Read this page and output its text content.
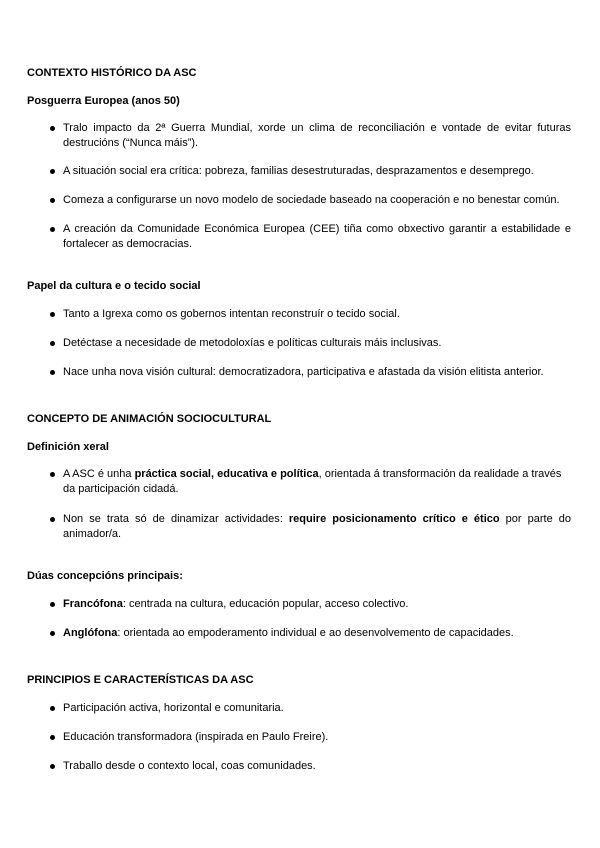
CONTEXTO HISTÓRICO DA ASC
Posguerra Europea (anos 50)
Tralo impacto da 2ª Guerra Mundial, xorde un clima de reconciliación e vontade de evitar futuras destrucións (“Nunca máis”).
A situación social era crítica: pobreza, familias desestruturadas, desprazamentos e desemprego.
Comeza a configurarse un novo modelo de sociedade baseado na cooperación e no benestar común.
A creación da Comunidade Económica Europea (CEE) tiña como obxectivo garantir a estabilidade e fortalecer as democracias.
Papel da cultura e o tecido social
Tanto a Igrexa como os gobernos intentan reconstruír o tecido social.
Detéctase a necesidade de metodoloxías e políticas culturais máis inclusivas.
Nace unha nova visión cultural: democratizadora, participativa e afastada da visión elitista anterior.
CONCEPTO DE ANIMACIÓN SOCIOCULTURAL
Definición xeral
A ASC é unha práctica social, educativa e política, orientada á transformación da realidade a través da participación cidadá.
Non se trata só de dinamizar actividades: require posicionamento crítico e ético por parte do animador/a.
Dúas concepcións principais:
Francófona: centrada na cultura, educación popular, acceso colectivo.
Anglófona: orientada ao empoderamento individual e ao desenvolvemento de capacidades.
PRINCIPIOS E CARACTERÍSTICAS DA ASC
Participación activa, horizontal e comunitaria.
Educación transformadora (inspirada en Paulo Freire).
Traballo desde o contexto local, coas comunidades.
